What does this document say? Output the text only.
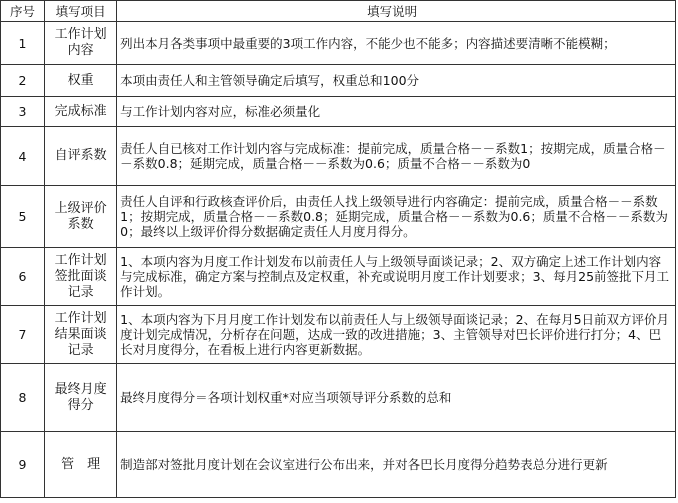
序号	填写项目	填写说明
1	工作计划内容	列出本月各类事项中最重要的3项工作内容，不能少也不能多；内容描述要清晰不能模糊；
2	权重	本项由责任人和主管领导确定后填写，权重总和100分
3	完成标准	与工作计划内容对应，标准必须量化
4	自评系数	责任人自已核对工作计划内容与完成标准：提前完成，质量合格－－系数1；按期完成，质量合格－－系数0.8；延期完成，质量合格－－系数为0.6；质量不合格－－系数为0
5	上级评价系数	责任人自评和行政核查评价后，由责任人找上级领导进行内容确定：提前完成，质量合格－－系数1；按期完成，质量合格－－系数0.8；延期完成，质量合格－－系数为0.6；质量不合格－－系数为0；最终以上级评价得分数据确定责任人月度月得分。
6	工作计划签批面谈记录	1、本项内容为月度工作计划发布以前责任人与上级领导面谈记录；2、双方确定上述工作计划内容与完成标准，确定方案与控制点及定权重，补充或说明月度工作计划要求；3、每月25前签批下月工作计划。
7	工作计划结果面谈记录	1、本项内容为下月月度工作计划发布以前责任人与上级领导面谈记录；2、在每月5日前双方评价月度计划完成情况，分析存在问题，达成一致的改进措施；3、主管领导对巴长评价进行打分；4、巴长对月度得分，在看板上进行内容更新数据。
8	最终月度得分	最终月度得分＝各项计划权重*对应当项领导评分系数的总和
9	管　理	制造部对签批月度计划在会议室进行公布出来，并对各巴长月度得分趋势表总分进行更新
